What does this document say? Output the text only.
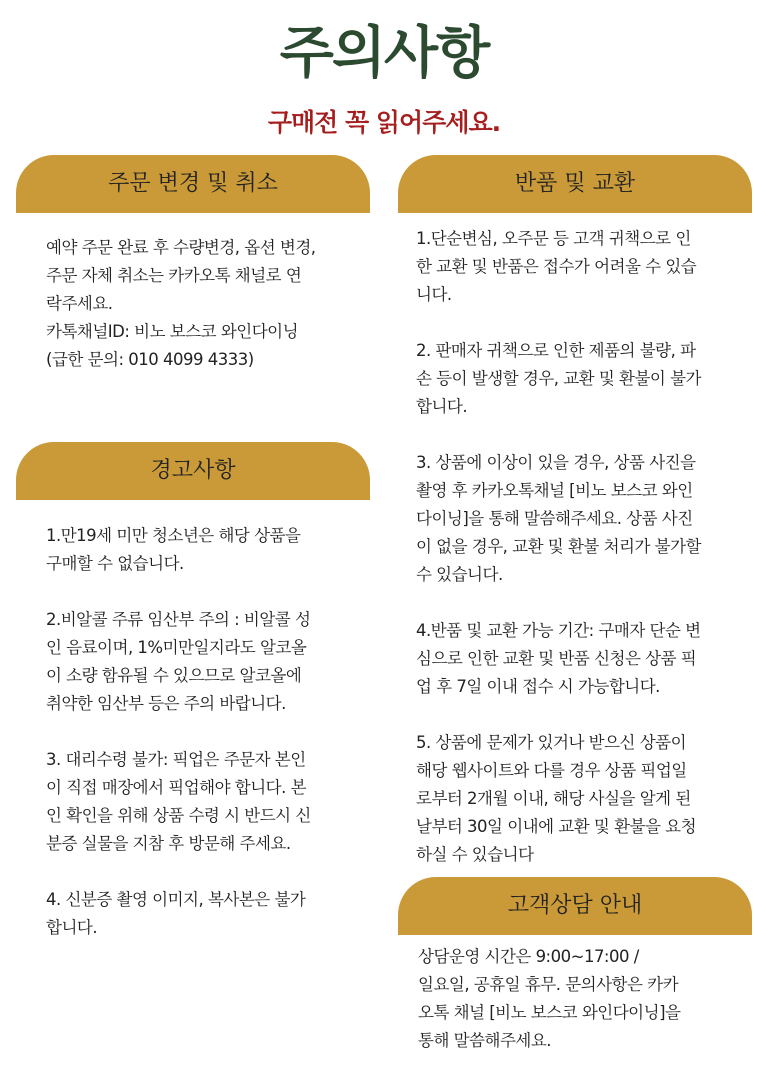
주의사항
구매전 꼭 읽어주세요.
주문 변경 및 취소
예약 주문 완료 후 수량변경, 옵션 변경,
주문 자체 취소는 카카오톡 채널로 연
락주세요.
카톡채널ID: 비노 보스코 와인다이닝
(급한 문의: 010 4099 4333)
경고사항
1.만19세 미만 청소년은 해당 상품을
구매할 수 없습니다.

2.비알콜 주류 임산부 주의 : 비알콜 성
인 음료이며, 1%미만일지라도 알코올
이 소량 함유될 수 있으므로 알코올에
취약한 임산부 등은 주의 바랍니다.

3. 대리수령 불가: 픽업은 주문자 본인
이 직접 매장에서 픽업해야 합니다. 본
인 확인을 위해 상품 수령 시 반드시 신
분증 실물을 지참 후 방문해 주세요.

4. 신분증 촬영 이미지, 복사본은 불가
합니다.
반품 및 교환
1.단순변심, 오주문 등 고객 귀책으로 인
한 교환 및 반품은 접수가 어려울 수 있습
니다.

2. 판매자 귀책으로 인한 제품의 불량, 파
손 등이 발생할 경우, 교환 및 환불이 불가
합니다.

3. 상품에 이상이 있을 경우, 상품 사진을
촬영 후 카카오톡채널 [비노 보스코 와인
다이닝]을 통해 말씀해주세요. 상품 사진
이 없을 경우, 교환 및 환불 처리가 불가할
수 있습니다.

4.반품 및 교환 가능 기간: 구매자 단순 변
심으로 인한 교환 및 반품 신청은 상품 픽
업 후 7일 이내 접수 시 가능합니다.

5. 상품에 문제가 있거나 받으신 상품이
해당 웹사이트와 다를 경우 상품 픽업일
로부터 2개월 이내, 해당 사실을 알게 된
날부터 30일 이내에 교환 및 환불을 요청
하실 수 있습니다
고객상담 안내
상담운영 시간은 9:00~17:00 /
일요일, 공휴일 휴무. 문의사항은 카카
오톡 채널 [비노 보스코 와인다이닝]을
통해 말씀해주세요.
